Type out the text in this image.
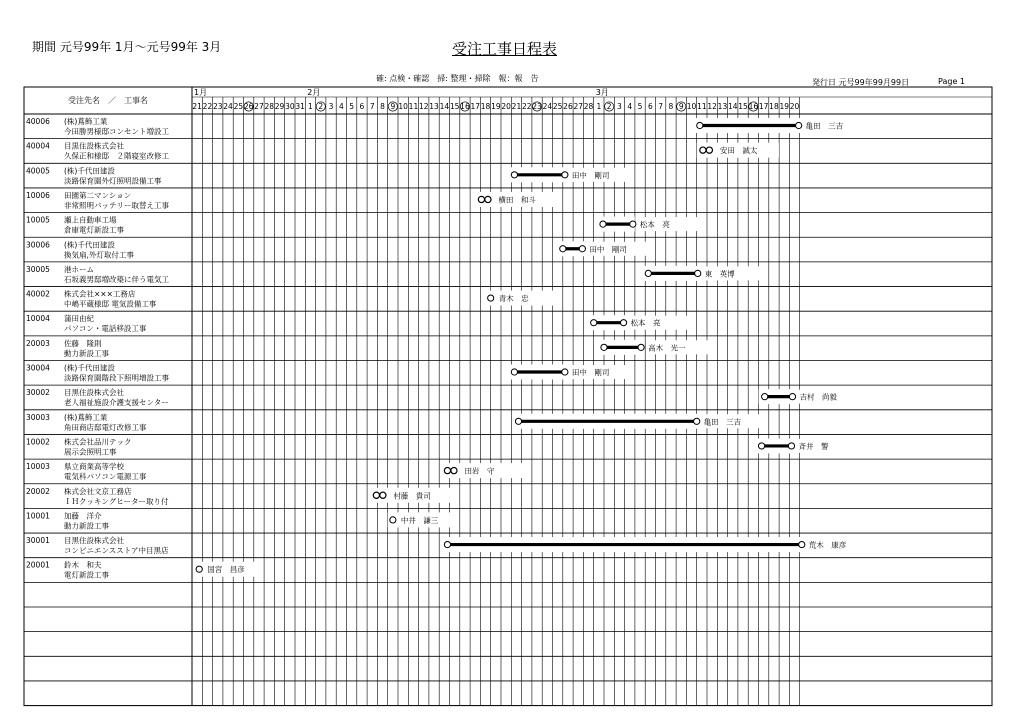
期間 元号99年 1月～元号99年 3月	受注工事日程表
確: 点検・確認　掃: 整理・掃除　報：報　告	発行日 元号99年99月99日	Page 1
受注先名　／　工事名
1月	2月	3月
21 22 23 24 25 26 27 28 29 30 31 1 2 3 4 5 6 7 8 9 10 11 12 13 14 15 16 17 18 19 20 21 22 23 24 25 26 27 28 1 2 3 4 5 6 7 8 9 10 11 12 13 14 15 16 17 18 19 20
40006 (株)蔦飾工業
今田勝男様邸コンセント増設工
亀田　三吉
40004 目黒住設株式会社
久保正和様邸　２階寝室改修工
安田　誠太
40005 (株)千代田建設
淡路保育園外灯照明設備工事
田中　剛司
10006 田園第二マンション
非常照明バッテリー取替え工事
横田　和斗
10005 瀬上自動車工場
倉庫電灯新設工事
松本　亮
30006 (株)千代田建設
換気扇,外灯取付工事
田中　剛司
30005 港ホーム
石坂義男邸増改築に伴う電気工
東　英博
40002 株式会社×××工務店
中嶋平蔵様邸 電気設備工事
青木　忠
10004 蒲田由紀
パソコン・電話移設工事
松本　亮
20003 佐藤　隆則
動力新設工事
高木　光一
30004 (株)千代田建設
淡路保育園階段下照明増設工事
田中　剛司
30002 目黒住設株式会社
老人福祉施設介護支援センター
吉村　尚毅
30003 (株)蔦飾工業
角田商店邸電灯改修工事
亀田　三吉
10002 株式会社品川テック
展示会照明工事
斉井　警
10003 県立商業高等学校
電気科パソコン電源工事
田岩　守
20002 株式会社文京工務店
ＩＨクッキングヒーター取り付
村藤　貴司
10001 加藤　洋介
動力新設工事
中井　謙三
30001 目黒住設株式会社
コンビニエンスストア中目黒店
荒木　康彦
20001 鈴木　和夫
電灯新設工事
国宮　昌彦
